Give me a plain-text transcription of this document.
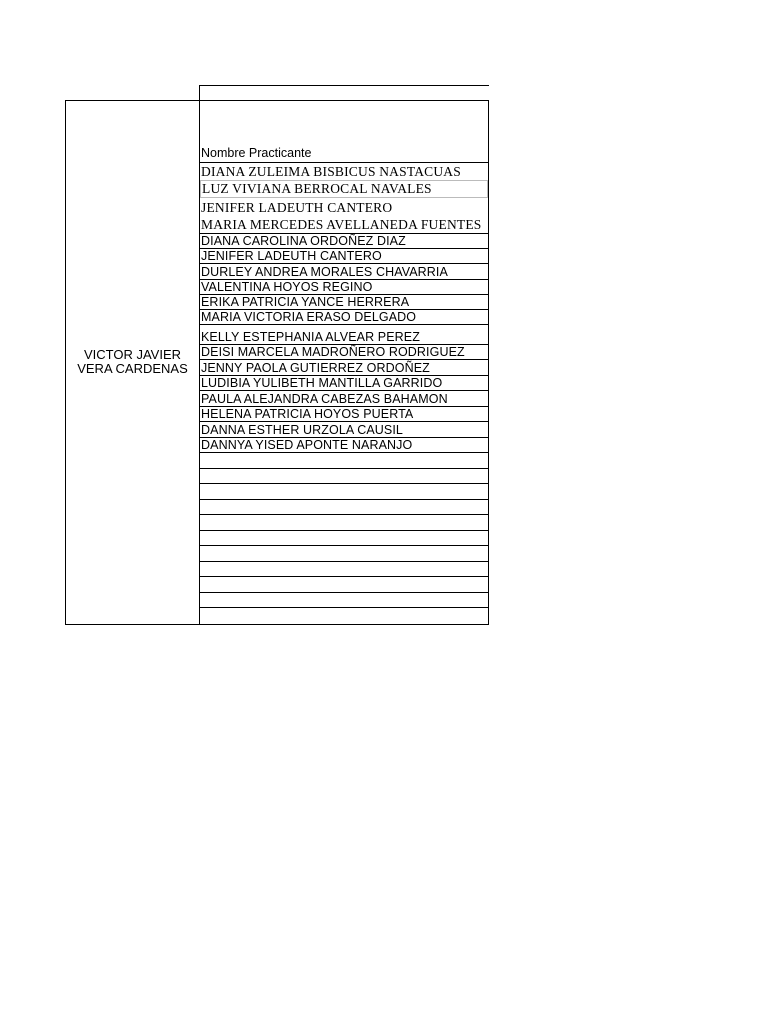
VICTOR JAVIER
VERA CARDENAS
Nombre Practicante
DIANA ZULEIMA BISBICUS NASTACUAS
LUZ VIVIANA BERROCAL NAVALES
JENIFER LADEUTH CANTERO
MARIA MERCEDES AVELLANEDA FUENTES
DIANA CAROLINA ORDOÑEZ DIAZ
JENIFER LADEUTH CANTERO
DURLEY ANDREA MORALES CHAVARRIA
VALENTINA HOYOS REGINO
ERIKA PATRICIA YANCE HERRERA
MARIA VICTORIA ERASO DELGADO
KELLY ESTEPHANIA ALVEAR PEREZ
DEISI MARCELA MADROÑERO RODRIGUEZ
JENNY PAOLA GUTIERREZ ORDOÑEZ
LUDIBIA YULIBETH MANTILLA GARRIDO
PAULA ALEJANDRA CABEZAS BAHAMON
HELENA PATRICIA HOYOS PUERTA
DANNA ESTHER URZOLA CAUSIL
DANNYA YISED APONTE NARANJO
